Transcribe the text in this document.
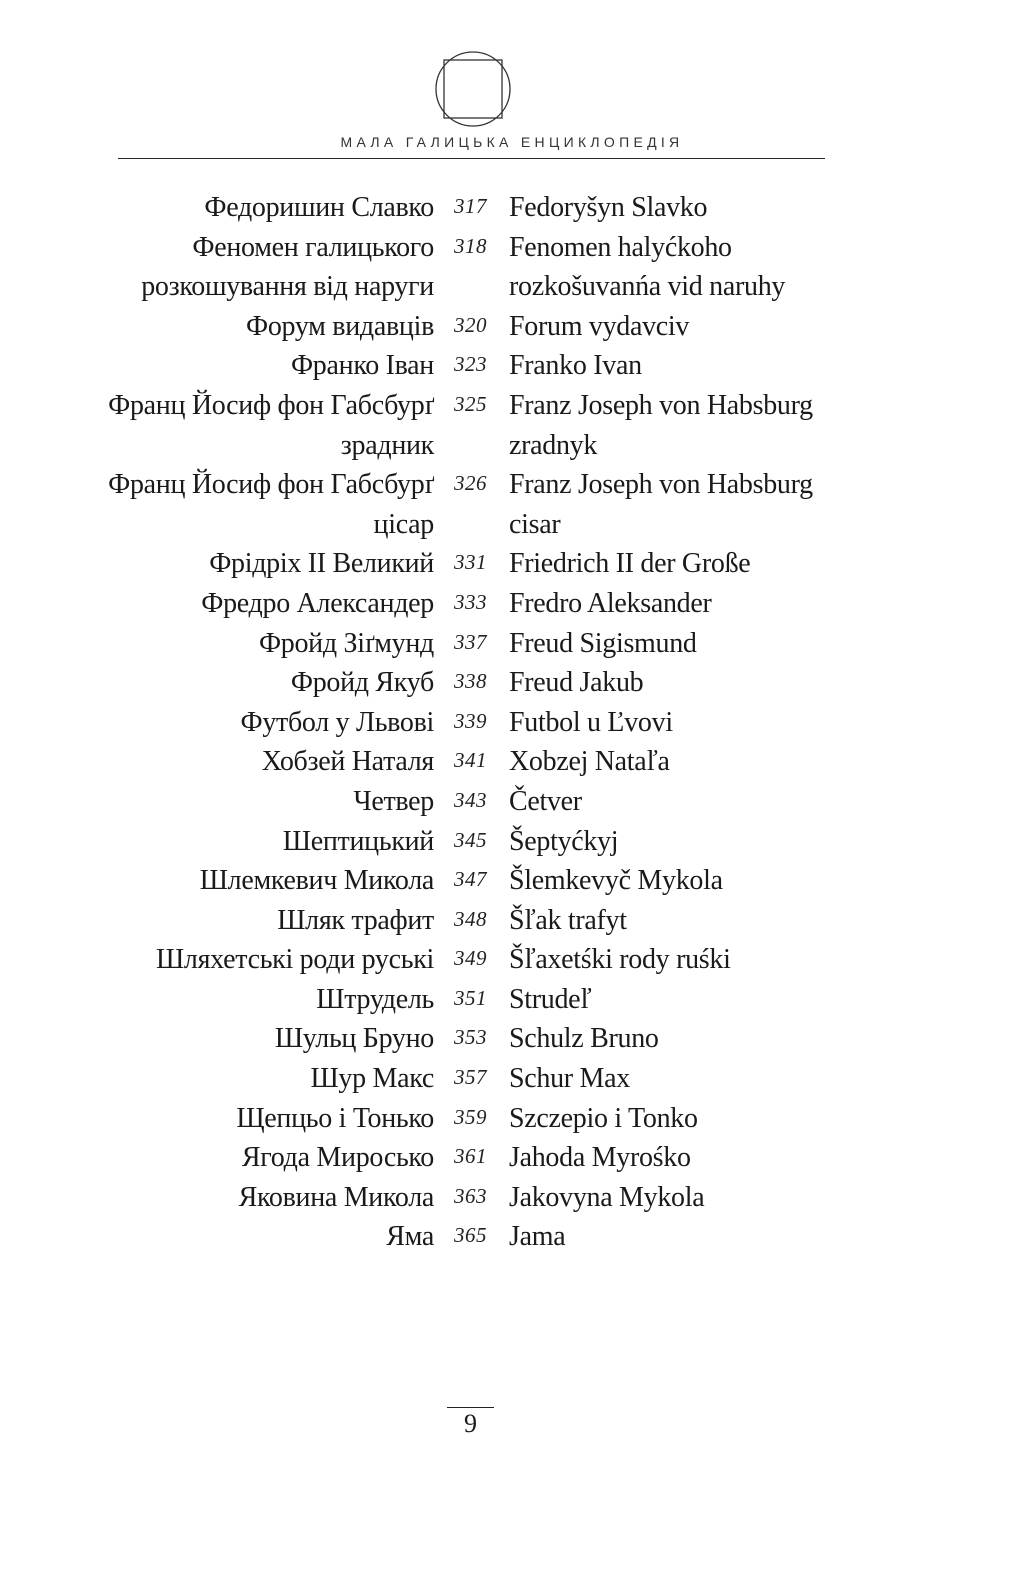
МАЛА ГАЛИЦЬКА ЕНЦИКЛОПЕДІЯ
Федоришин Славко 317 Fedoryšyn Slavko
Феномен галицького 318 Fenomen halyćkoho
розкошування від наруги	rozkošuvanńa vid naruhy
Форум видавців 320 Forum vydavciv
Франко Іван 323 Franko Ivan
Франц Йосиф фон Габсбурґ 325 Franz Joseph von Habsburg
зрадник	zradnyk
Франц Йосиф фон Габсбурґ 326 Franz Joseph von Habsburg
цісар	cisar
Фрідріх II Великий 331 Friedrich II der Große
Фредро Александер 333 Fredro Aleksander
Фройд Зіґмунд 337 Freud Sigismund
Фройд Якуб 338 Freud Jakub
Футбол у Львові 339 Futbol u Ľvovi
Хобзей Наталя 341 Xobzej Nataľa
Четвер 343 Četver
Шептицький 345 Šeptyćkyj
Шлемкевич Микола 347 Šlemkevyč Mykola
Шляк трафит 348 Šľak trafyt
Шляхетські роди руські 349 Šľaxetśki rody ruśki
Штрудель 351 Strudeľ
Шульц Бруно 353 Schulz Bruno
Шур Макс 357 Schur Max
Щепцьо і Тонько 359 Szczepio i Tonko
Ягода Миросько 361 Jahoda Myrośko
Яковина Микола 363 Jakovyna Mykola
Яма 365 Jama
9
